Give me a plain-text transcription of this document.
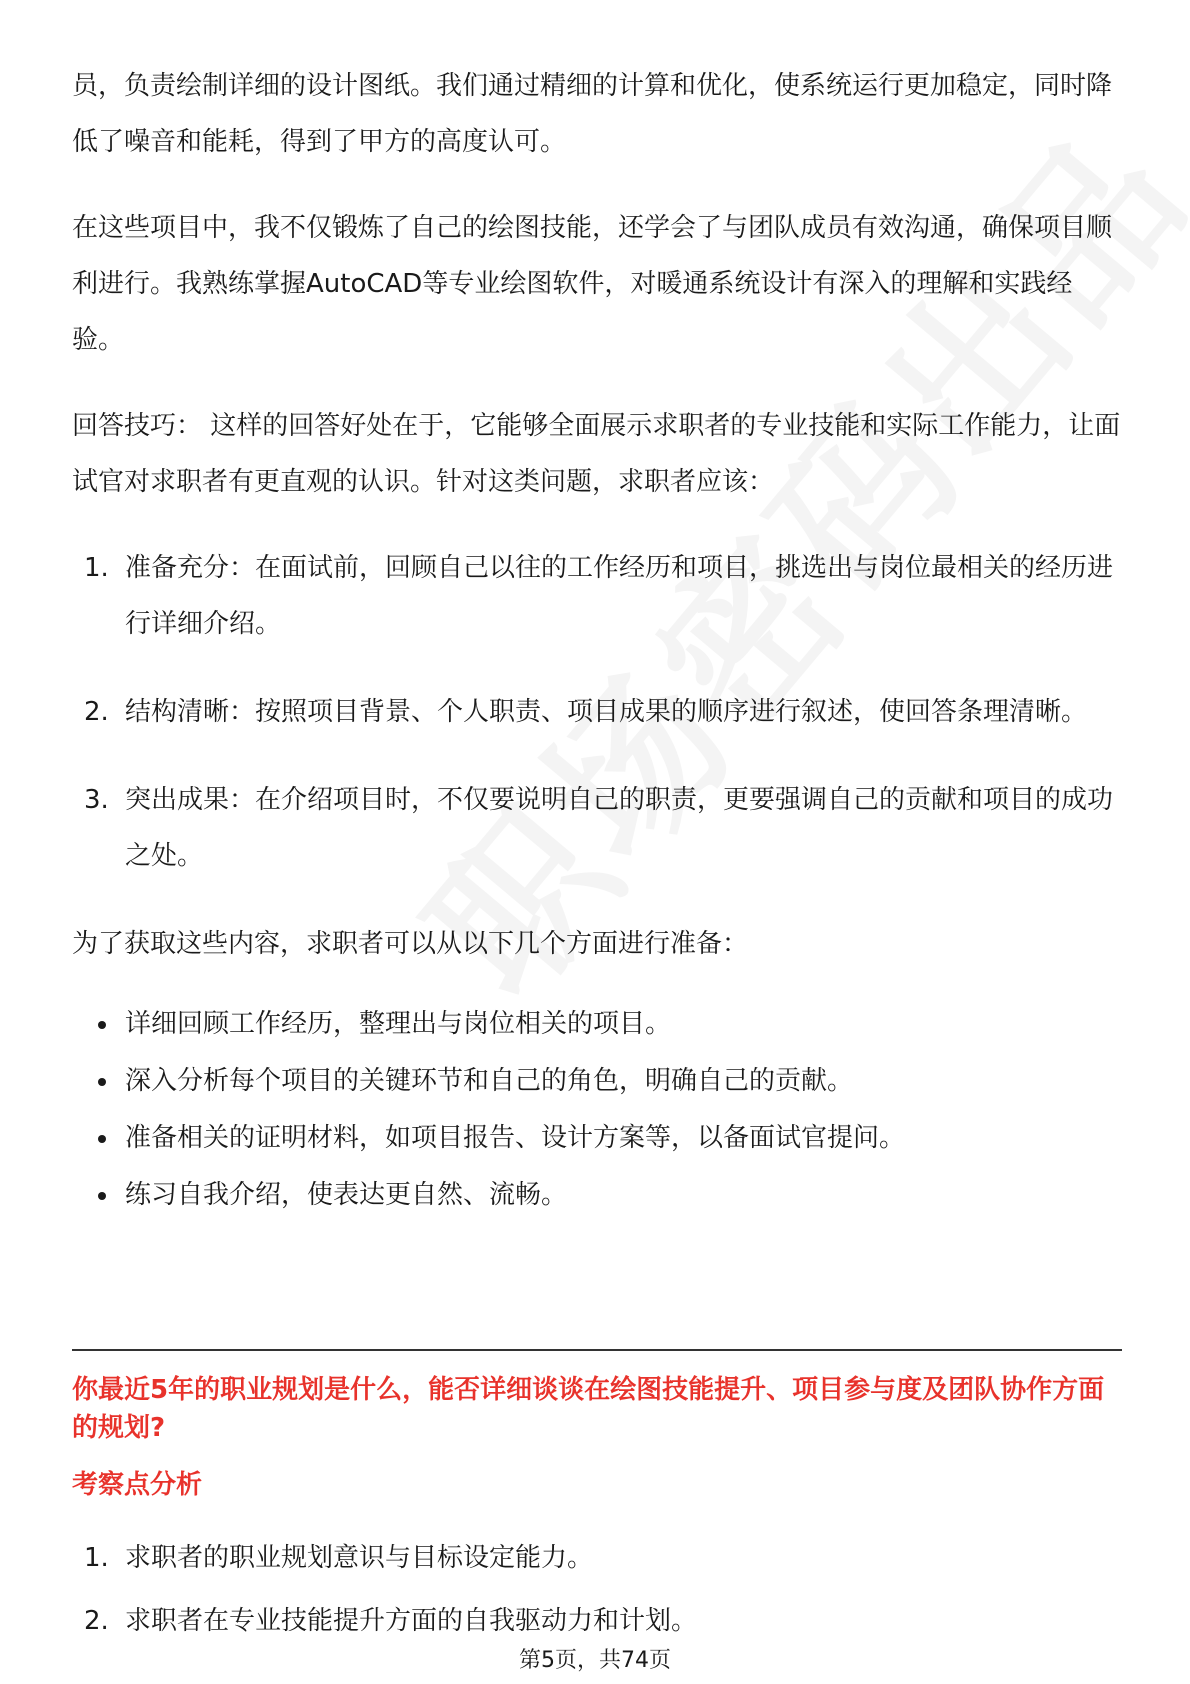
员，负责绘制详细的设计图纸。我们通过精细的计算和优化，使系统运行更加稳定，同时降低了噪音和能耗，得到了甲方的高度认可。

在这些项目中，我不仅锻炼了自己的绘图技能，还学会了与团队成员有效沟通，确保项目顺利进行。我熟练掌握AutoCAD等专业绘图软件，对暖通系统设计有深入的理解和实践经验。

回答技巧： 这样的回答好处在于，它能够全面展示求职者的专业技能和实际工作能力，让面试官对求职者有更直观的认识。针对这类问题，求职者应该：

1. 准备充分：在面试前，回顾自己以往的工作经历和项目，挑选出与岗位最相关的经历进行详细介绍。
2. 结构清晰：按照项目背景、个人职责、项目成果的顺序进行叙述，使回答条理清晰。
3. 突出成果：在介绍项目时，不仅要说明自己的职责，更要强调自己的贡献和项目的成功之处。

为了获取这些内容，求职者可以从以下几个方面进行准备：

详细回顾工作经历，整理出与岗位相关的项目。
深入分析每个项目的关键环节和自己的角色，明确自己的贡献。
准备相关的证明材料，如项目报告、设计方案等，以备面试官提问。
练习自我介绍，使表达更自然、流畅。
你最近5年的职业规划是什么，能否详细谈谈在绘图技能提升、项目参与度及团队协作方面的规划?
考察点分析
1. 求职者的职业规划意识与目标设定能力。
2. 求职者在专业技能提升方面的自我驱动力和计划。
第5页，共74页
